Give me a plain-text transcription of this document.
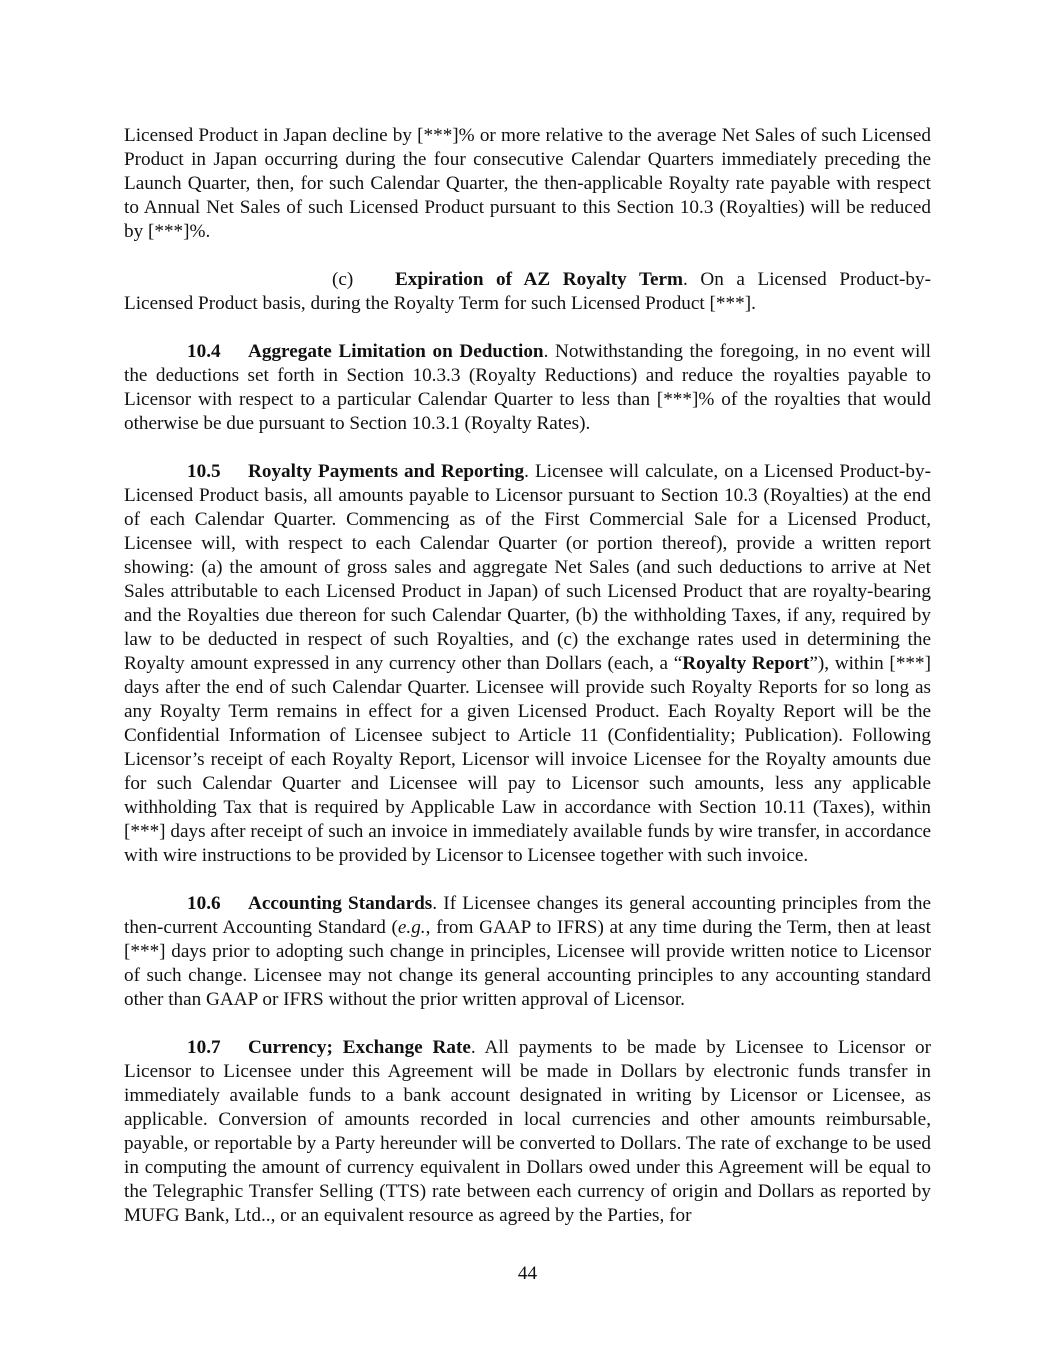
Licensed Product in Japan decline by [***]% or more relative to the average Net Sales of such Licensed Product in Japan occurring during the four consecutive Calendar Quarters immediately preceding the Launch Quarter, then, for such Calendar Quarter, the then-applicable Royalty rate payable with respect to Annual Net Sales of such Licensed Product pursuant to this Section 10.3 (Royalties) will be reduced by [***]%.

(c) Expiration of AZ Royalty Term. On a Licensed Product-by-Licensed Product basis, during the Royalty Term for such Licensed Product [***].

10.4 Aggregate Limitation on Deduction. Notwithstanding the foregoing, in no event will the deductions set forth in Section 10.3.3 (Royalty Reductions) and reduce the royalties payable to Licensor with respect to a particular Calendar Quarter to less than [***]% of the royalties that would otherwise be due pursuant to Section 10.3.1 (Royalty Rates).

10.5 Royalty Payments and Reporting. Licensee will calculate, on a Licensed Product-by-Licensed Product basis, all amounts payable to Licensor pursuant to Section 10.3 (Royalties) at the end of each Calendar Quarter. Commencing as of the First Commercial Sale for a Licensed Product, Licensee will, with respect to each Calendar Quarter (or portion thereof), provide a written report showing: (a) the amount of gross sales and aggregate Net Sales (and such deductions to arrive at Net Sales attributable to each Licensed Product in Japan) of such Licensed Product that are royalty-bearing and the Royalties due thereon for such Calendar Quarter, (b) the withholding Taxes, if any, required by law to be deducted in respect of such Royalties, and (c) the exchange rates used in determining the Royalty amount expressed in any currency other than Dollars (each, a “Royalty Report”), within [***] days after the end of such Calendar Quarter. Licensee will provide such Royalty Reports for so long as any Royalty Term remains in effect for a given Licensed Product. Each Royalty Report will be the Confidential Information of Licensee subject to Article 11 (Confidentiality; Publication). Following Licensor’s receipt of each Royalty Report, Licensor will invoice Licensee for the Royalty amounts due for such Calendar Quarter and Licensee will pay to Licensor such amounts, less any applicable withholding Tax that is required by Applicable Law in accordance with Section 10.11 (Taxes), within [***] days after receipt of such an invoice in immediately available funds by wire transfer, in accordance with wire instructions to be provided by Licensor to Licensee together with such invoice.

10.6 Accounting Standards. If Licensee changes its general accounting principles from the then-current Accounting Standard (e.g., from GAAP to IFRS) at any time during the Term, then at least [***] days prior to adopting such change in principles, Licensee will provide written notice to Licensor of such change. Licensee may not change its general accounting principles to any accounting standard other than GAAP or IFRS without the prior written approval of Licensor.

10.7 Currency; Exchange Rate. All payments to be made by Licensee to Licensor or Licensor to Licensee under this Agreement will be made in Dollars by electronic funds transfer in immediately available funds to a bank account designated in writing by Licensor or Licensee, as applicable. Conversion of amounts recorded in local currencies and other amounts reimbursable, payable, or reportable by a Party hereunder will be converted to Dollars. The rate of exchange to be used in computing the amount of currency equivalent in Dollars owed under this Agreement will be equal to the Telegraphic Transfer Selling (TTS) rate between each currency of origin and Dollars as reported by MUFG Bank, Ltd.., or an equivalent resource as agreed by the Parties, for

44
